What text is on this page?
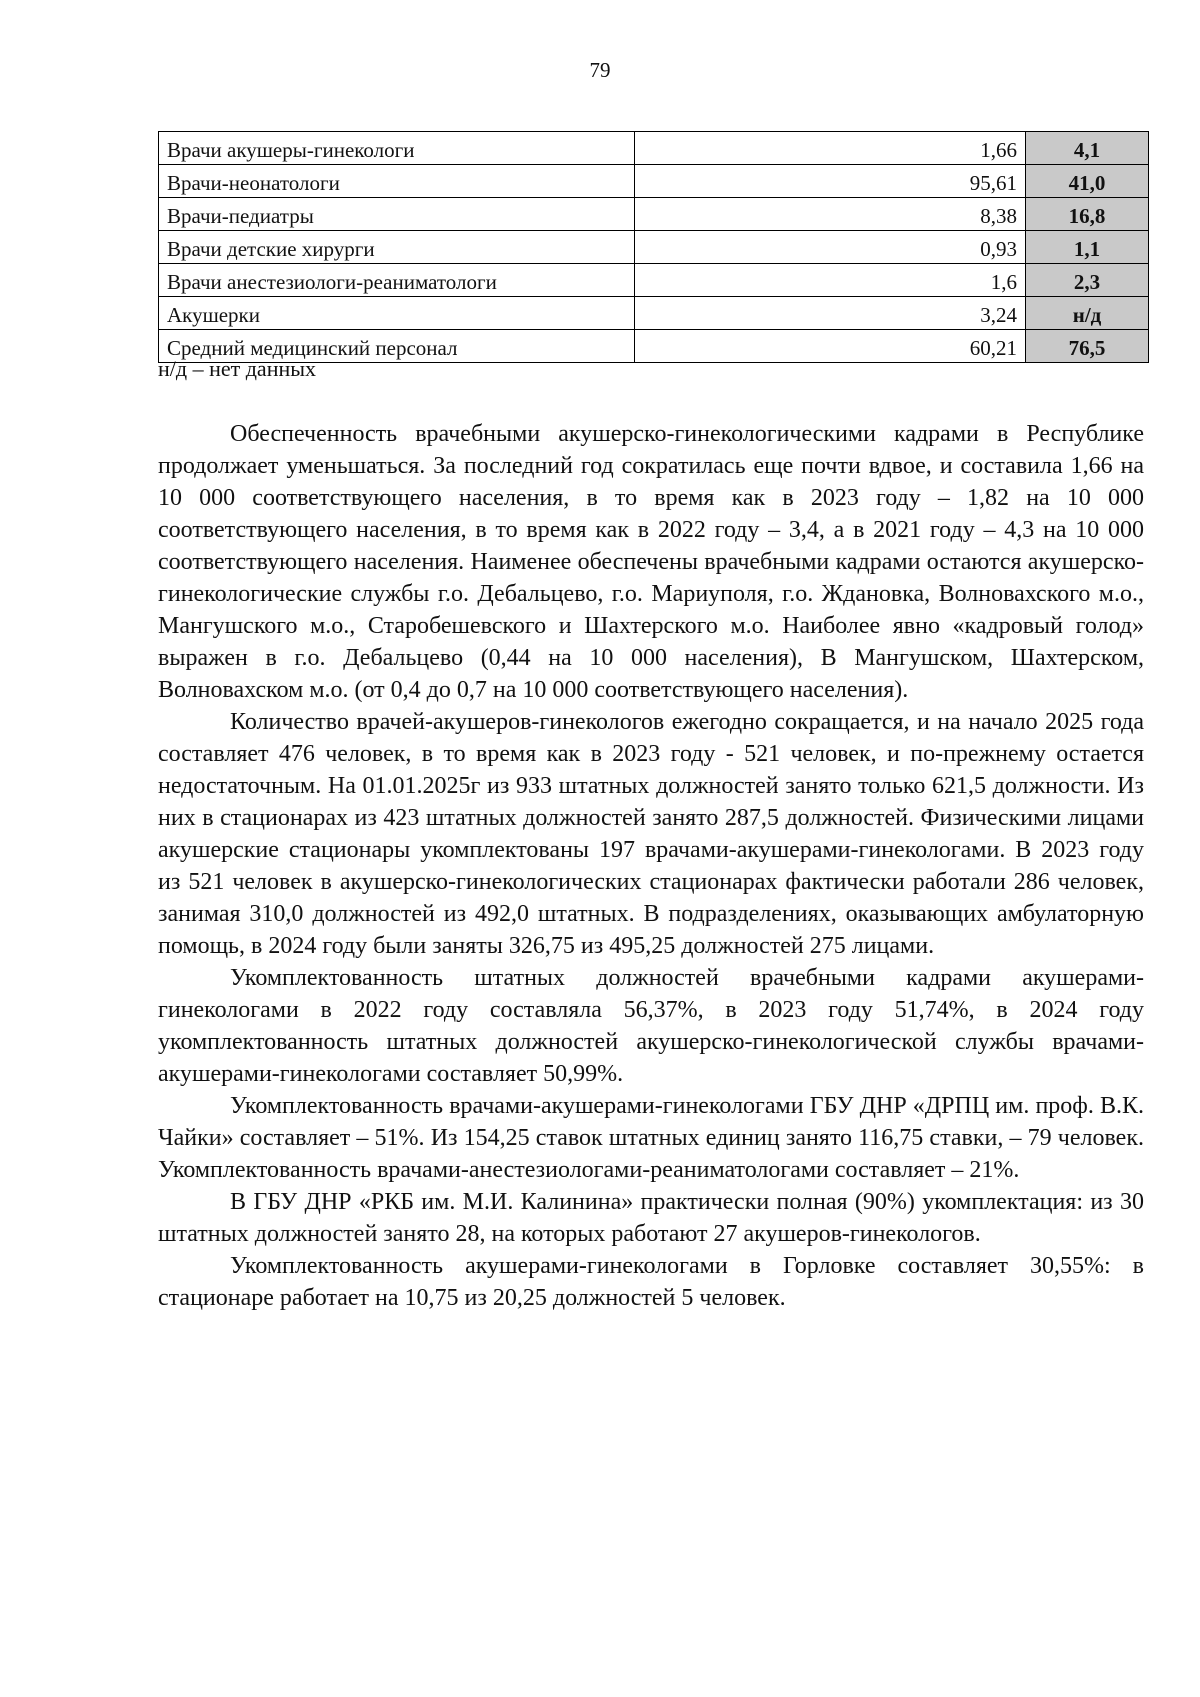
79
Врачи акушеры-гинекологи	1,66	4,1
Врачи-неонатологи	95,61	41,0
Врачи-педиатры	8,38	16,8
Врачи детские хирурги	0,93	1,1
Врачи анестезиологи-реаниматологи	1,6	2,3
Акушерки	3,24	н/д
Средний медицинский персонал	60,21	76,5
н/д – нет данных

Обеспеченность врачебными акушерско-гинекологическими кадрами в Республике продолжает уменьшаться. За последний год сократилась еще почти вдвое, и составила 1,66 на 10 000 соответствующего населения, в то время как в 2023 году – 1,82 на 10 000 соответствующего населения, в то время как в 2022 году – 3,4, а в 2021 году – 4,3 на 10 000 соответствующего населения. Наименее обеспечены врачебными кадрами остаются акушерско-гинекологические службы г.о. Дебальцево, г.о. Мариуполя, г.о. Ждановка, Волновахского м.о., Мангушского м.о., Старобешевского и Шахтерского м.о. Наиболее явно «кадровый голод» выражен в г.о. Дебальцево (0,44 на 10 000 населения), В Мангушском, Шахтерском, Волновахском м.о. (от 0,4 до 0,7 на 10 000 соответствующего населения).

Количество врачей-акушеров-гинекологов ежегодно сокращается, и на начало 2025 года составляет 476 человек, в то время как в 2023 году - 521 человек, и по-прежнему остается недостаточным. На 01.01.2025г из 933 штатных должностей занято только 621,5 должности. Из них в стационарах из 423 штатных должностей занято 287,5 должностей. Физическими лицами акушерские стационары укомплектованы 197 врачами-акушерами-гинекологами. В 2023 году из 521 человек в акушерско-гинекологических стационарах фактически работали 286 человек, занимая 310,0 должностей из 492,0 штатных. В подразделениях, оказывающих амбулаторную помощь, в 2024 году были заняты 326,75 из 495,25 должностей 275 лицами.

Укомплектованность штатных должностей врачебными кадрами акушерами-гинекологами в 2022 году составляла 56,37%, в 2023 году 51,74%, в 2024 году укомплектованность штатных должностей акушерско-гинекологической службы врачами-акушерами-гинекологами составляет 50,99%.

Укомплектованность врачами-акушерами-гинекологами ГБУ ДНР «ДРПЦ им. проф. В.К. Чайки» составляет – 51%. Из 154,25 ставок штатных единиц занято 116,75 ставки, – 79 человек. Укомплектованность врачами-анестезиологами-реаниматологами составляет – 21%.

В ГБУ ДНР «РКБ им. М.И. Калинина» практически полная (90%) укомплектация: из 30 штатных должностей занято 28, на которых работают 27 акушеров-гинекологов.

Укомплектованность акушерами-гинекологами в Горловке составляет 30,55%: в стационаре работает на 10,75 из 20,25 должностей 5 человек.
